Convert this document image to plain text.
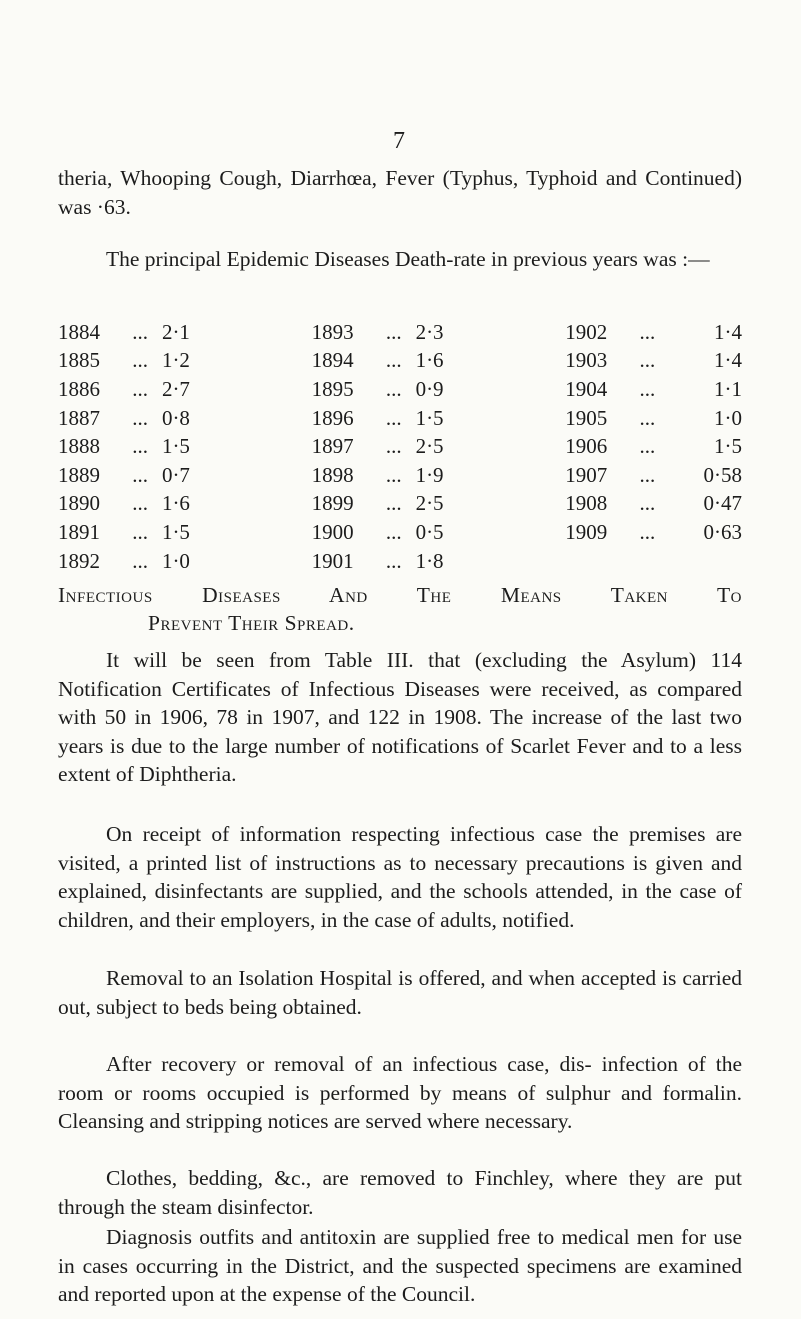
7

theria, Whooping Cough, Diarrhœa, Fever (Typhus, Typhoid and Continued) was ·63.

The principal Epidemic Diseases Death-rate in previous years was :—

1884	...	2·1		1893	...	2·3		1902	...	1·4
1885	...	1·2		1894	...	1·6		1903	...	1·4
1886	...	2·7		1895	...	0·9		1904	...	1·1
1887	...	0·8		1896	...	1·5		1905	...	1·0
1888	...	1·5		1897	...	2·5		1906	...	1·5
1889	...	0·7		1898	...	1·9		1907	...	0·58
1890	...	1·6		1899	...	2·5		1908	...	0·47
1891	...	1·5		1900	...	0·5		1909	...	0·63
1892	...	1·0		1901	...	1·8				
Infectious Diseases And The Means Taken To
Prevent Their Spread.

It will be seen from Table III. that (excluding the Asylum) 114 Notification Certificates of Infectious Diseases were received, as compared with 50 in 1906, 78 in 1907, and 122 in 1908. The increase of the last two years is due to the large number of notifications of Scarlet Fever and to a less extent of Diphtheria.

On receipt of information respecting infectious case the premises are visited, a printed list of instructions as to necessary precautions is given and explained, disinfectants are supplied, and the schools attended, in the case of children, and their employers, in the case of adults, notified.

Removal to an Isolation Hospital is offered, and when accepted is carried out, subject to beds being obtained.

After recovery or removal of an infectious case, dis- infection of the room or rooms occupied is performed by means of sulphur and formalin. Cleansing and stripping notices are served where necessary.

Clothes, bedding, &c., are removed to Finchley, where they are put through the steam disinfector.

Diagnosis outfits and antitoxin are supplied free to medical men for use in cases occurring in the District, and the suspected specimens are examined and reported upon at the expense of the Council.
